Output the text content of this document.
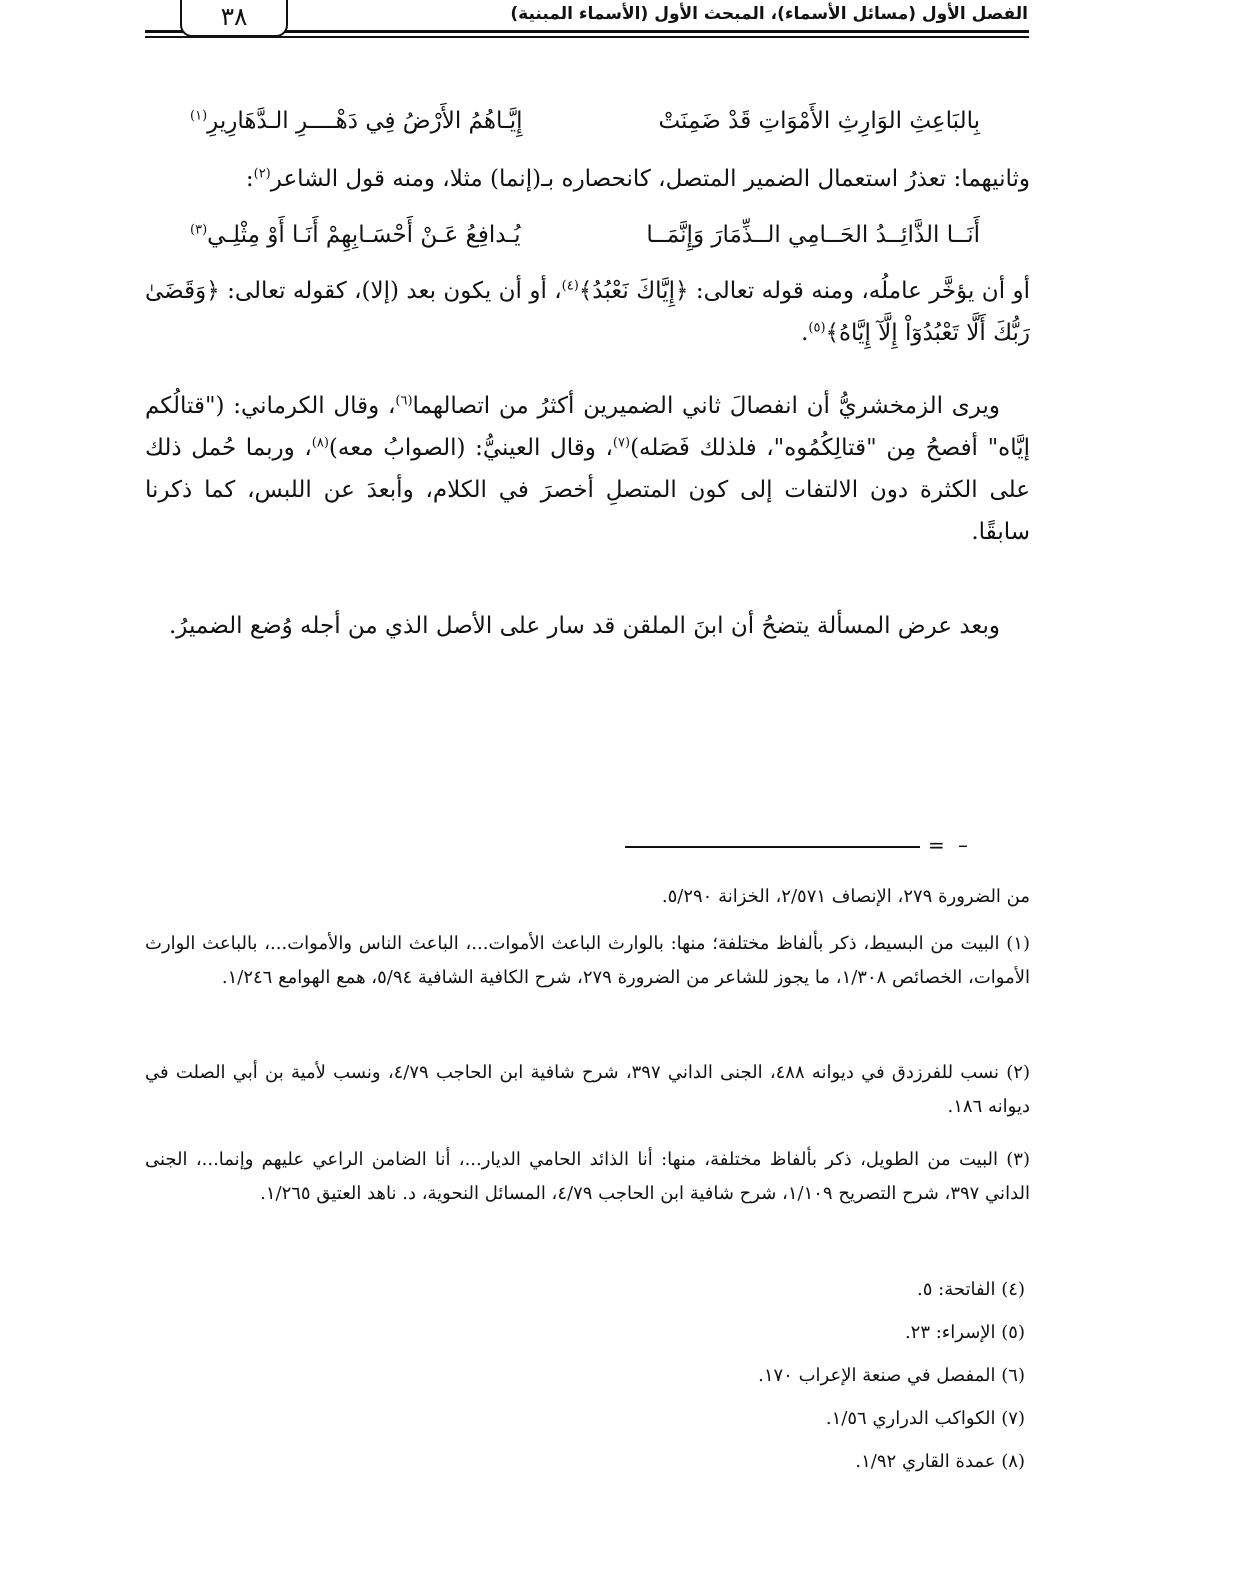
الفصل الأول (مسائل الأسماء)، المبحث الأول (الأسماء المبنية)
٣٨
بِالبَاعِثِ الوَارِثِ الأَمْوَاتِ قَدْ ضَمِنَتْ
إِيَّـاهُمُ الأَرْضُ فِي دَهْــــرِ الـدَّهَارِيرِ$^{(١)}$
وثانيهما: تعذرُ استعمال الضمير المتصل، كانحصاره بـ(إنما) مثلا، ومنه قول الشاعر$^{(٢)}$:
أَنَــا الذَّائِــدُ الحَــامِي الــذِّمَارَ وَإِنَّمَــا
يُـدافِعُ عَـنْ أَحْسَـابِهِمْ أَنَـا أَوْ مِثْلِـي$^{(٣)}$
أو أن يؤخَّر عاملُه، ومنه قوله تعالى: ﴿إِيَّاكَ نَعْبُدُ﴾$^{(٤)}$، أو أن يكون بعد (إلا)، كقوله تعالى: ﴿وَقَضَىٰ رَبُّكَ أَلَّا تَعْبُدُوٓاْ إِلَّآ إِيَّاهُ﴾$^{(٥)}$.
ويرى الزمخشريُّ أن انفصالَ ثاني الضميرين أكثرُ من اتصالهما$^{(٦)}$، وقال الكرماني: ("قتالُكم إيَّاه" أفصحُ مِن "قتالِكُمُوه"، فلذلك فَصَله)$^{(٧)}$، وقال العينيُّ: (الصوابُ معه)$^{(٨)}$، وربما حُمل ذلك على الكثرة دون الالتفات إلى كون المتصلِ أخصرَ في الكلام، وأبعدَ عن اللبس، كما ذكرنا سابقًا.
وبعد عرض المسألة يتضحُ أن ابنَ الملقن قد سار على الأصل الذي من أجله وُضع الضميرُ.
= –
من الضرورة ٢٧٩، الإنصاف ٢/٥٧١، الخزانة ٥/٢٩٠.
(١) البيت من البسيط، ذكر بألفاظ مختلفة؛ منها: بالوارث الباعث الأموات...، الباعث الناس والأموات...، بالباعث الوارث الأموات، الخصائص ١/٣٠٨، ما يجوز للشاعر من الضرورة ٢٧٩، شرح الكافية الشافية ٥/٩٤، همع الهوامع ١/٢٤٦.
(٢) نسب للفرزدق في ديوانه ٤٨٨، الجنى الداني ٣٩٧، شرح شافية ابن الحاجب ٤/٧٩، ونسب لأمية بن أبي الصلت في ديوانه ١٨٦.
(٣) البيت من الطويل، ذكر بألفاظ مختلفة، منها: أنا الذائد الحامي الديار...، أنا الضامن الراعي عليهم وإنما...، الجنى الداني ٣٩٧، شرح التصريح ١/١٠٩، شرح شافية ابن الحاجب ٤/٧٩، المسائل النحوية، د. ناهد العتيق ١/٢٦٥.
(٤) الفاتحة: ٥.
(٥) الإسراء: ٢٣.
(٦) المفصل في صنعة الإعراب ١٧٠.
(٧) الكواكب الدراري ١/٥٦.
(٨) عمدة القاري ١/٩٢.
